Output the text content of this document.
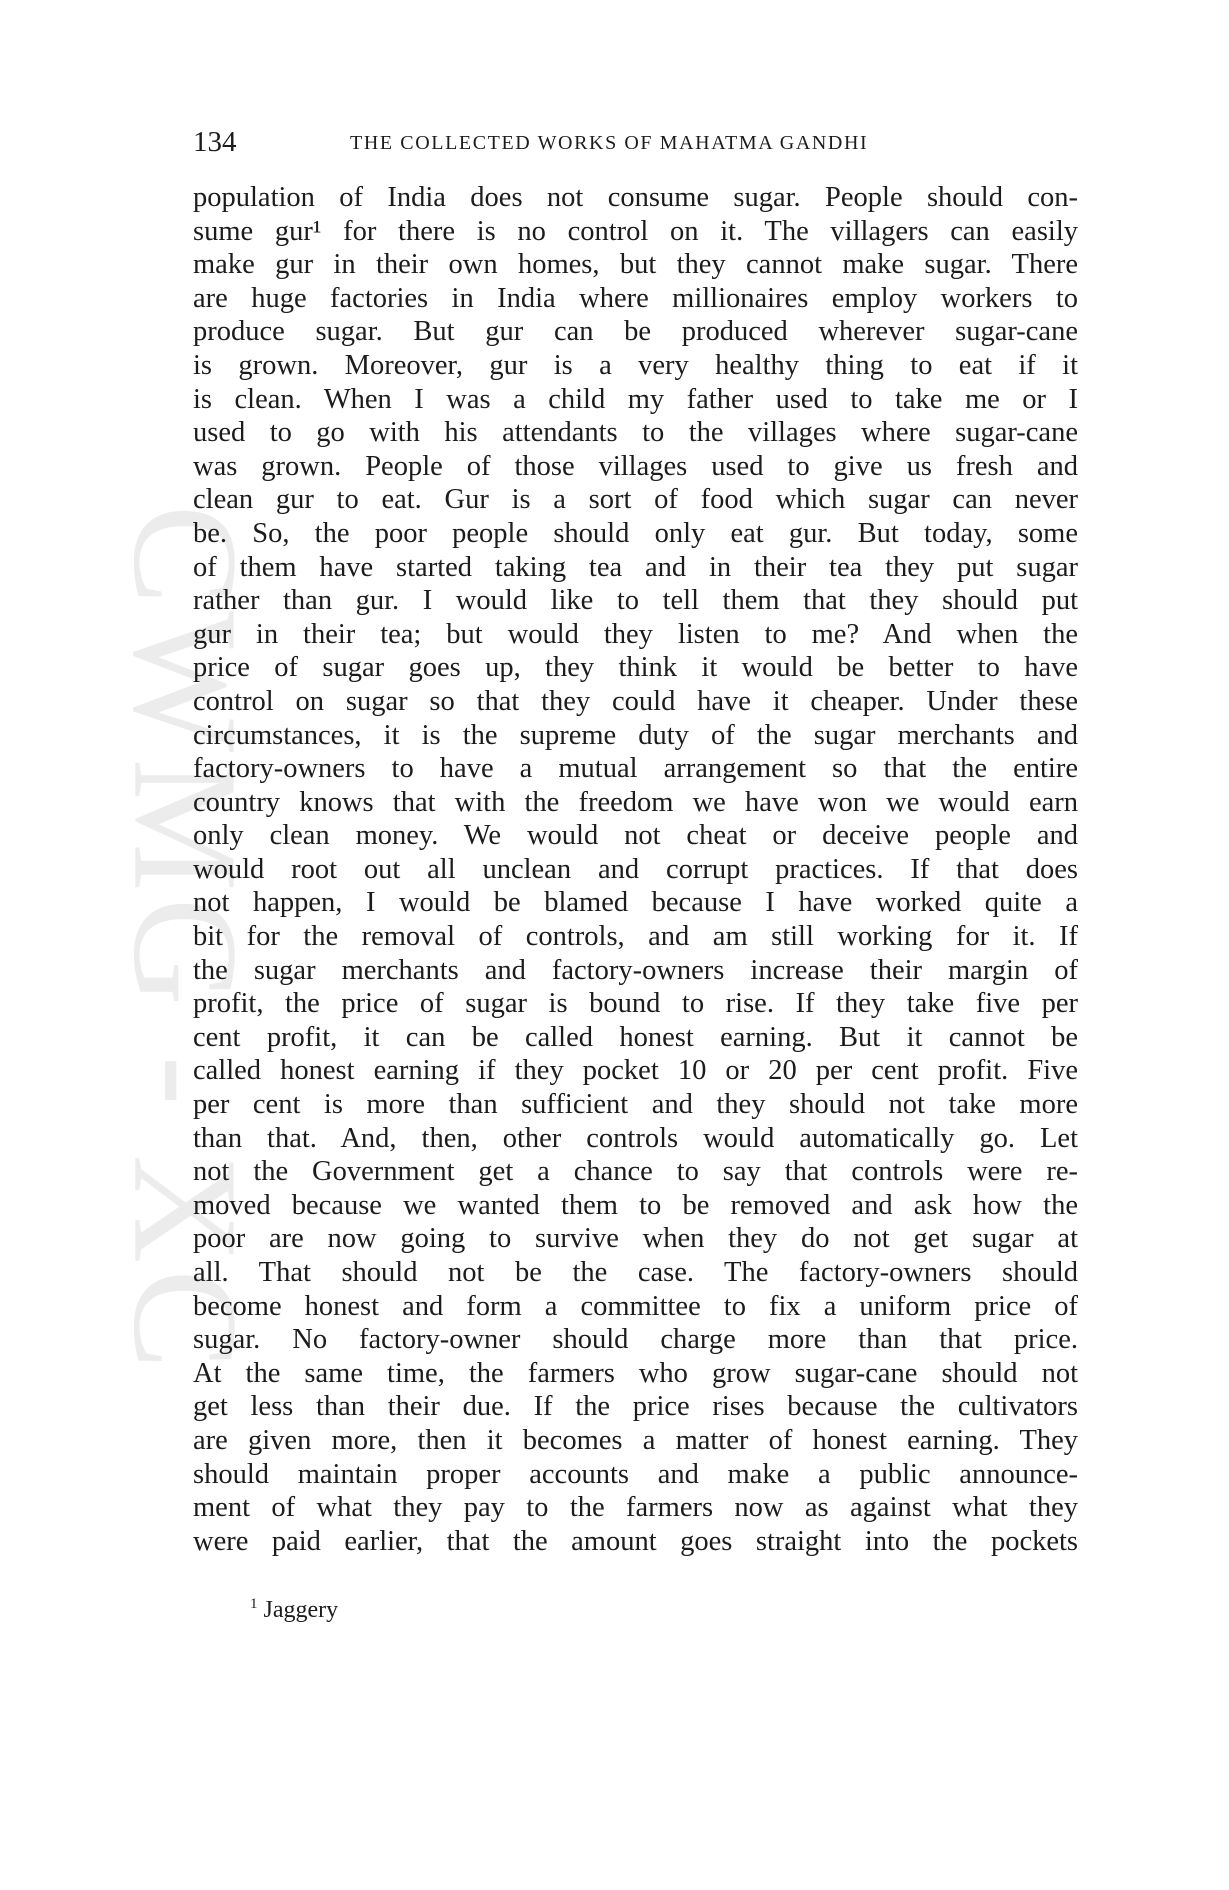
CWMG - XC
134	THE COLLECTED WORKS OF MAHATMA GANDHI
population of India does not consume sugar. People should con-
sume gur¹ for there is no control on it. The villagers can easily
make gur in their own homes, but they cannot make sugar. There
are huge factories in India where millionaires employ workers to
produce sugar. But gur can be produced wherever sugar-cane
is grown. Moreover, gur is a very healthy thing to eat if it
is clean. When I was a child my father used to take me or I
used to go with his attendants to the villages where sugar-cane
was grown. People of those villages used to give us fresh and
clean gur to eat. Gur is a sort of food which sugar can never
be. So, the poor people should only eat gur. But today, some
of them have started taking tea and in their tea they put sugar
rather than gur. I would like to tell them that they should put
gur in their tea; but would they listen to me? And when the
price of sugar goes up, they think it would be better to have
control on sugar so that they could have it cheaper. Under these
circumstances, it is the supreme duty of the sugar merchants and
factory-owners to have a mutual arrangement so that the entire
country knows that with the freedom we have won we would earn
only clean money. We would not cheat or deceive people and
would root out all unclean and corrupt practices. If that does
not happen, I would be blamed because I have worked quite a
bit for the removal of controls, and am still working for it. If
the sugar merchants and factory-owners increase their margin of
profit, the price of sugar is bound to rise. If they take five per
cent profit, it can be called honest earning. But it cannot be
called honest earning if they pocket 10 or 20 per cent profit. Five
per cent is more than sufficient and they should not take more
than that. And, then, other controls would automatically go. Let
not the Government get a chance to say that controls were re-
moved because we wanted them to be removed and ask how the
poor are now going to survive when they do not get sugar at
all. That should not be the case. The factory-owners should
become honest and form a committee to fix a uniform price of
sugar. No factory-owner should charge more than that price.
At the same time, the farmers who grow sugar-cane should not
get less than their due. If the price rises because the cultivators
are given more, then it becomes a matter of honest earning. They
should maintain proper accounts and make a public announce-
ment of what they pay to the farmers now as against what they
were paid earlier, that the amount goes straight into the pockets
$^1$ Jaggery
